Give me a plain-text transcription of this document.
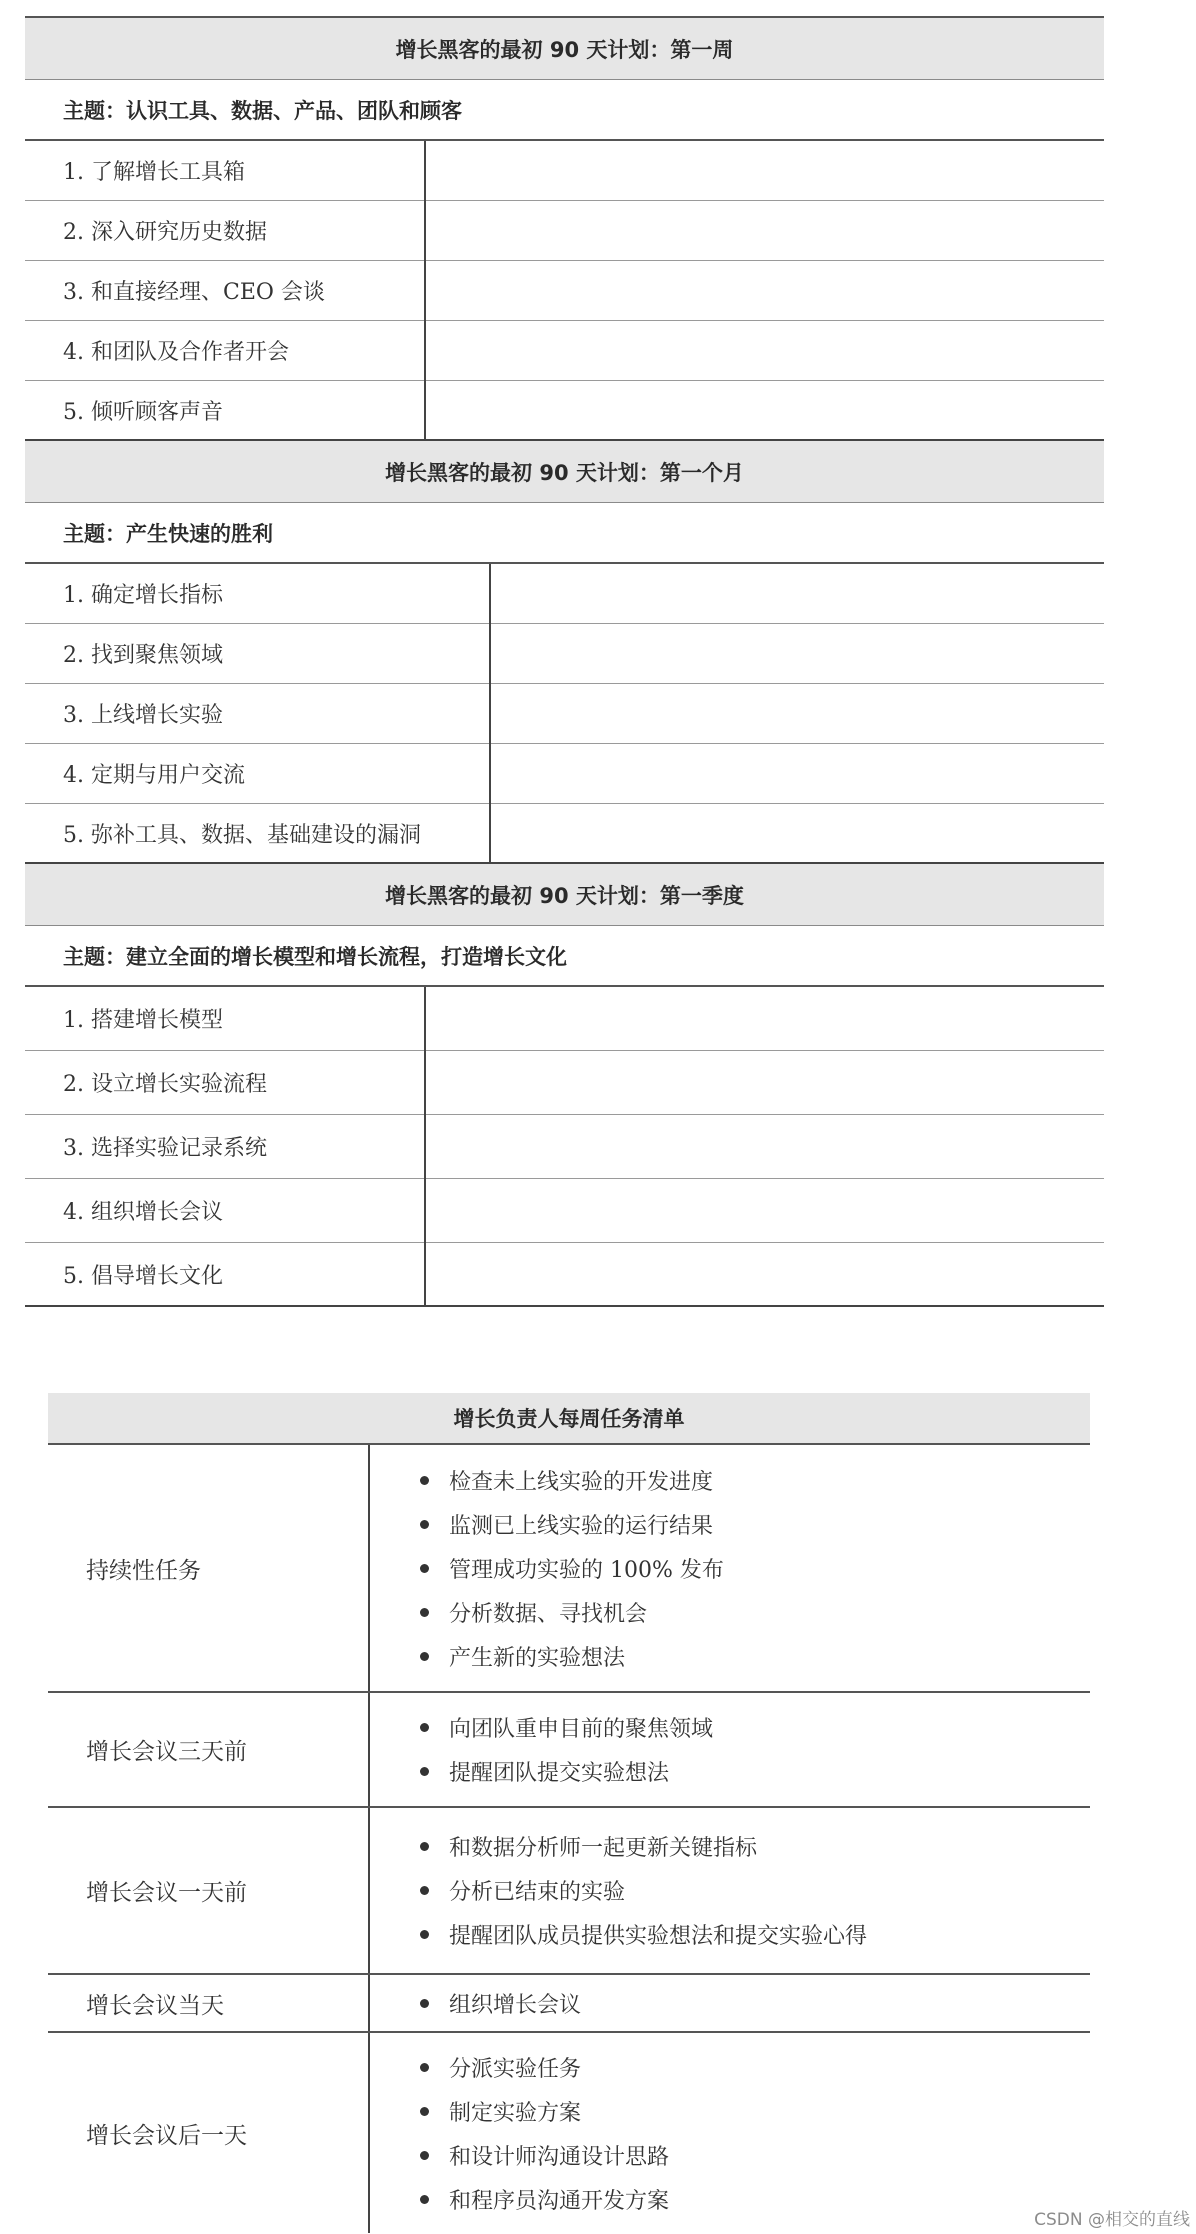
增长黑客的最初 90 天计划：第一周
主题：认识工具、数据、产品、团队和顾客
1. 了解增长工具箱
2. 深入研究历史数据
3. 和直接经理、CEO 会谈
4. 和团队及合作者开会
5. 倾听顾客声音
增长黑客的最初 90 天计划：第一个月
主题：产生快速的胜利
1. 确定增长指标
2. 找到聚焦领域
3. 上线增长实验
4. 定期与用户交流
5. 弥补工具、数据、基础建设的漏洞
增长黑客的最初 90 天计划：第一季度
主题：建立全面的增长模型和增长流程，打造增长文化
1. 搭建增长模型
2. 设立增长实验流程
3. 选择实验记录系统
4. 组织增长会议
5. 倡导增长文化
增长负责人每周任务清单
持续性任务
检查未上线实验的开发进度
监测已上线实验的运行结果
管理成功实验的 100% 发布
分析数据、寻找机会
产生新的实验想法
增长会议三天前
向团队重申目前的聚焦领域
提醒团队提交实验想法
增长会议一天前
和数据分析师一起更新关键指标
分析已结束的实验
提醒团队成员提供实验想法和提交实验心得
增长会议当天	组织增长会议
增长会议后一天
分派实验任务
制定实验方案
和设计师沟通设计思路
和程序员沟通开发方案
CSDN @相交的直线
